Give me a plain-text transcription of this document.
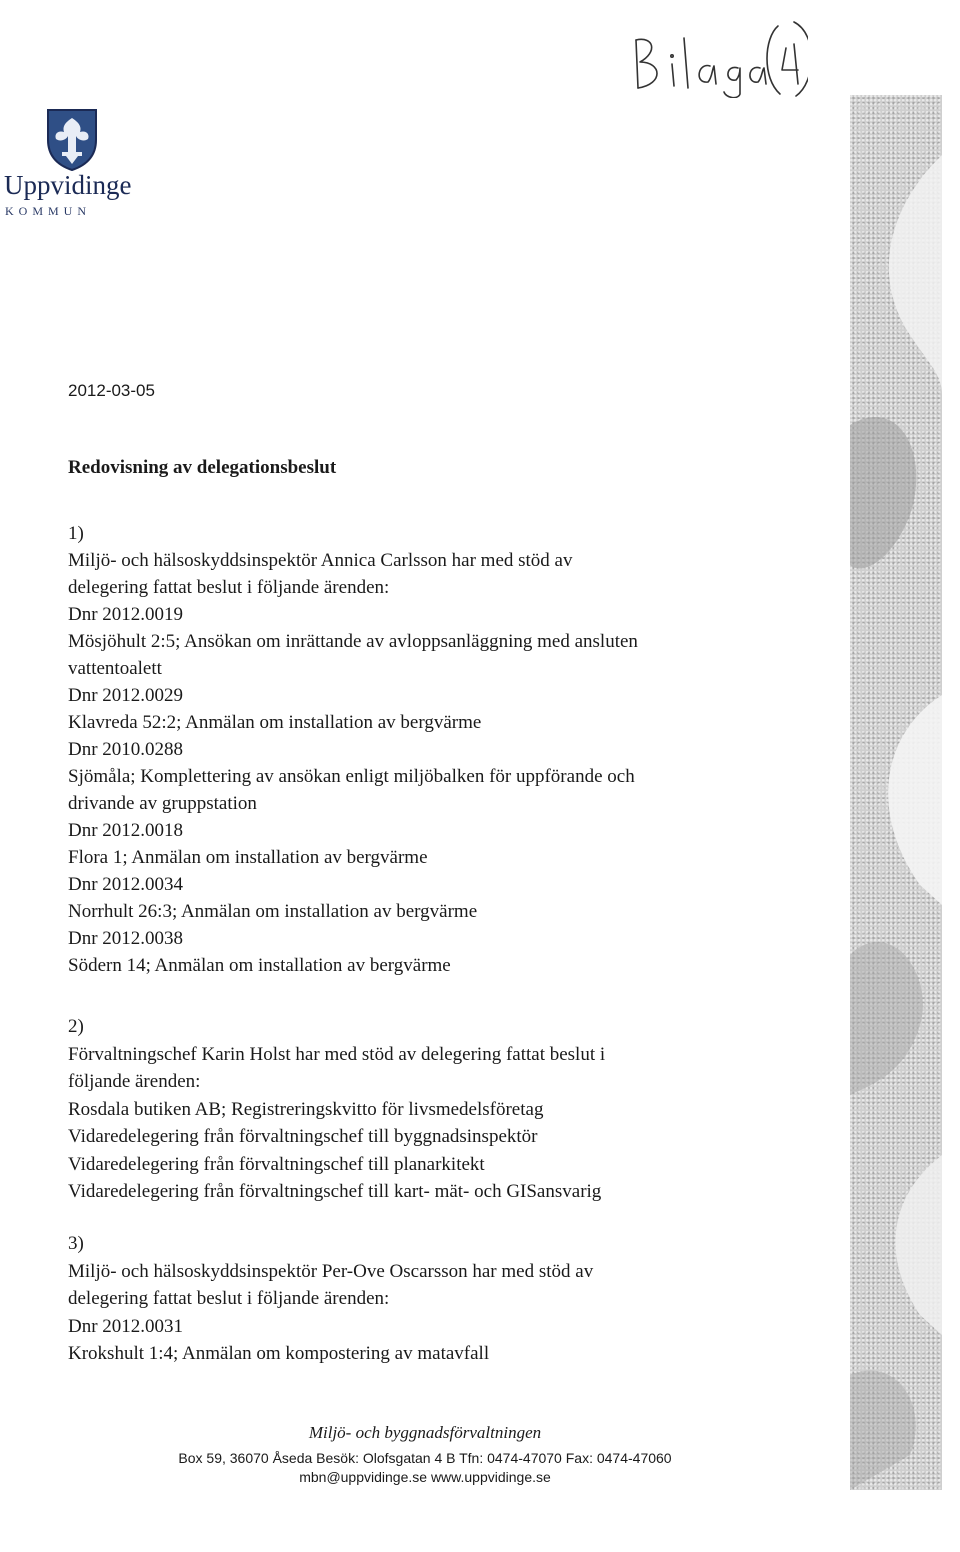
Uppvidinge
KOMMUN
2012-03-05
Redovisning av delegationsbeslut
1)
Miljö- och hälsoskyddsinspektör Annica Carlsson har med stöd av
delegering fattat beslut i följande ärenden:
Dnr 2012.0019
Mösjöhult 2:5; Ansökan om inrättande av avloppsanläggning med ansluten
vattentoalett
Dnr 2012.0029
Klavreda 52:2; Anmälan om installation av bergvärme
Dnr 2010.0288
Sjömåla; Komplettering av ansökan enligt miljöbalken för uppförande och
drivande av gruppstation
Dnr 2012.0018
Flora 1; Anmälan om installation av bergvärme
Dnr 2012.0034
Norrhult 26:3; Anmälan om installation av bergvärme
Dnr 2012.0038
Södern 14; Anmälan om installation av bergvärme
2)
Förvaltningschef Karin Holst har med stöd av delegering fattat beslut i
följande ärenden:
Rosdala butiken AB; Registreringskvitto för livsmedelsföretag
Vidaredelegering från förvaltningschef till byggnadsinspektör
Vidaredelegering från förvaltningschef till planarkitekt
Vidaredelegering från förvaltningschef till kart- mät- och GISansvarig
3)
Miljö- och hälsoskyddsinspektör Per-Ove Oscarsson har med stöd av
delegering fattat beslut i följande ärenden:
Dnr 2012.0031
Krokshult 1:4; Anmälan om kompostering av matavfall
Miljö- och byggnadsförvaltningen
Box 59, 36070 Åseda Besök: Olofsgatan 4 B Tfn: 0474-47070 Fax: 0474-47060
mbn@uppvidinge.se www.uppvidinge.se
